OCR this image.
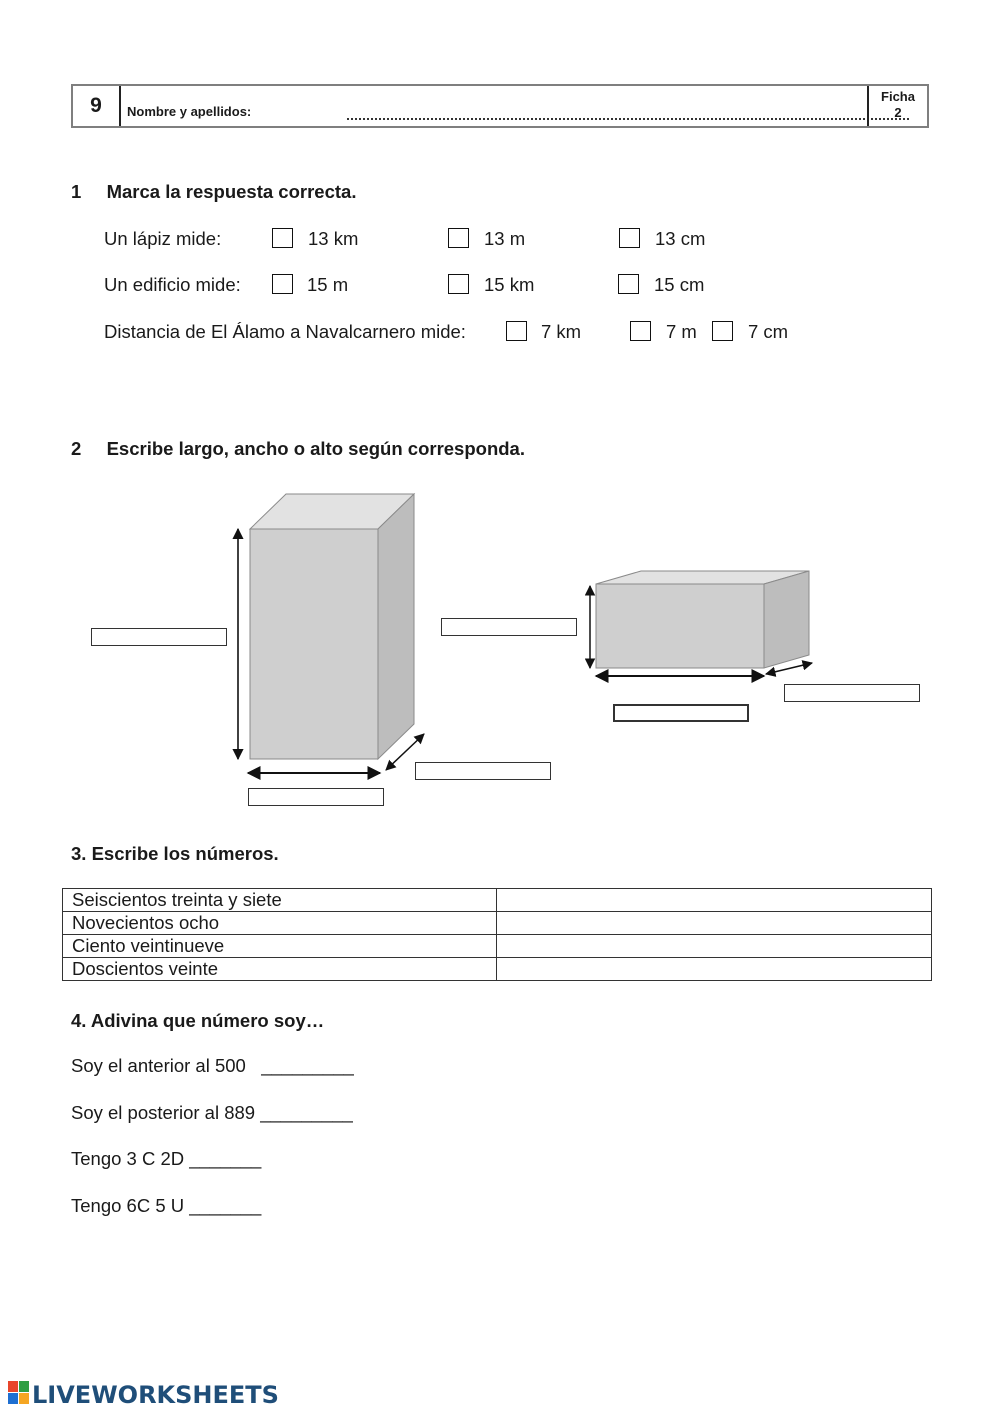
9	Nombre y apellidos:
Ficha
2
1 Marca la respuesta correcta.
Un lápiz mide:	13 km	13 m	13 cm
Un edificio mide:	15 m	15 km	15 cm
Distancia de El Álamo a Navalcarnero mide:	7 km	7 m	7 cm
2 Escribe largo, ancho o alto según corresponda.
3. Escribe los números.
Seiscientos treinta y siete	
Novecientos ocho	
Ciento veintinueve	
Doscientos veinte	
4. Adivina que número soy…
Soy el anterior al 500   _________
Soy el posterior al 889 _________
Tengo 3 C 2D _______
Tengo 6C 5 U _______
LIVEWORKSHEETS
